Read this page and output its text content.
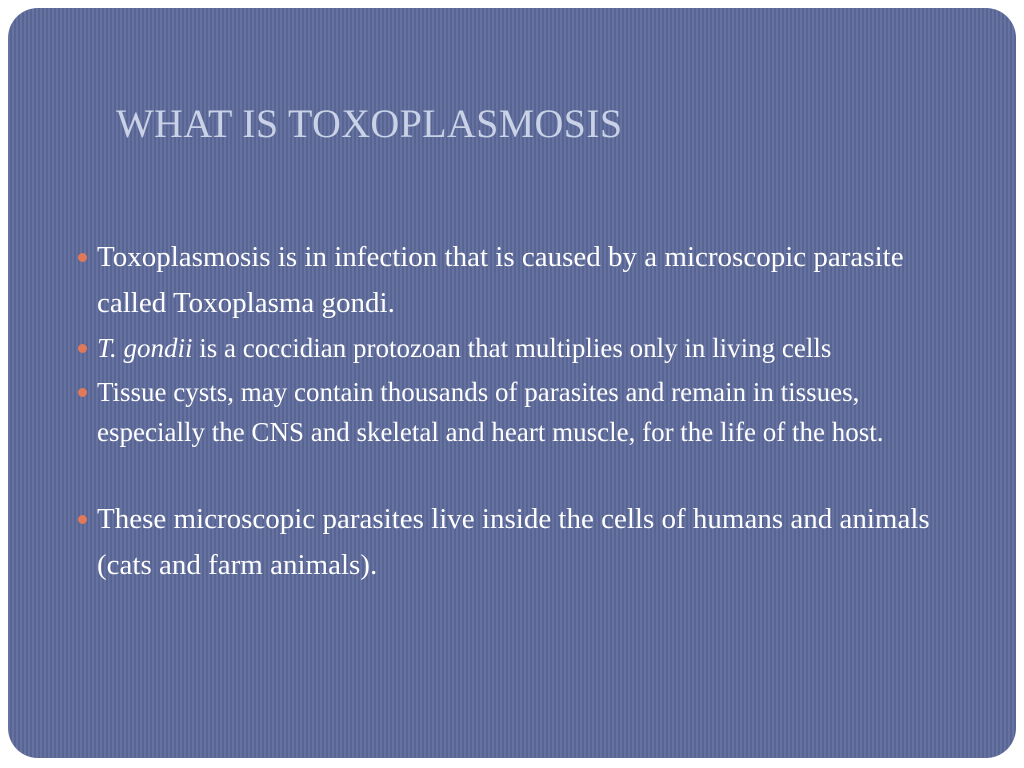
WHAT IS TOXOPLASMOSIS
Toxoplasmosis is in infection that is caused by a microscopic parasite called Toxoplasma gondi.
T. gondii is a coccidian protozoan that multiplies only in living cells
Tissue cysts, may contain thousands of parasites and remain in tissues, especially the CNS and skeletal and heart muscle, for the life of the host.
These microscopic parasites live inside the cells of humans and animals (cats and farm animals).
